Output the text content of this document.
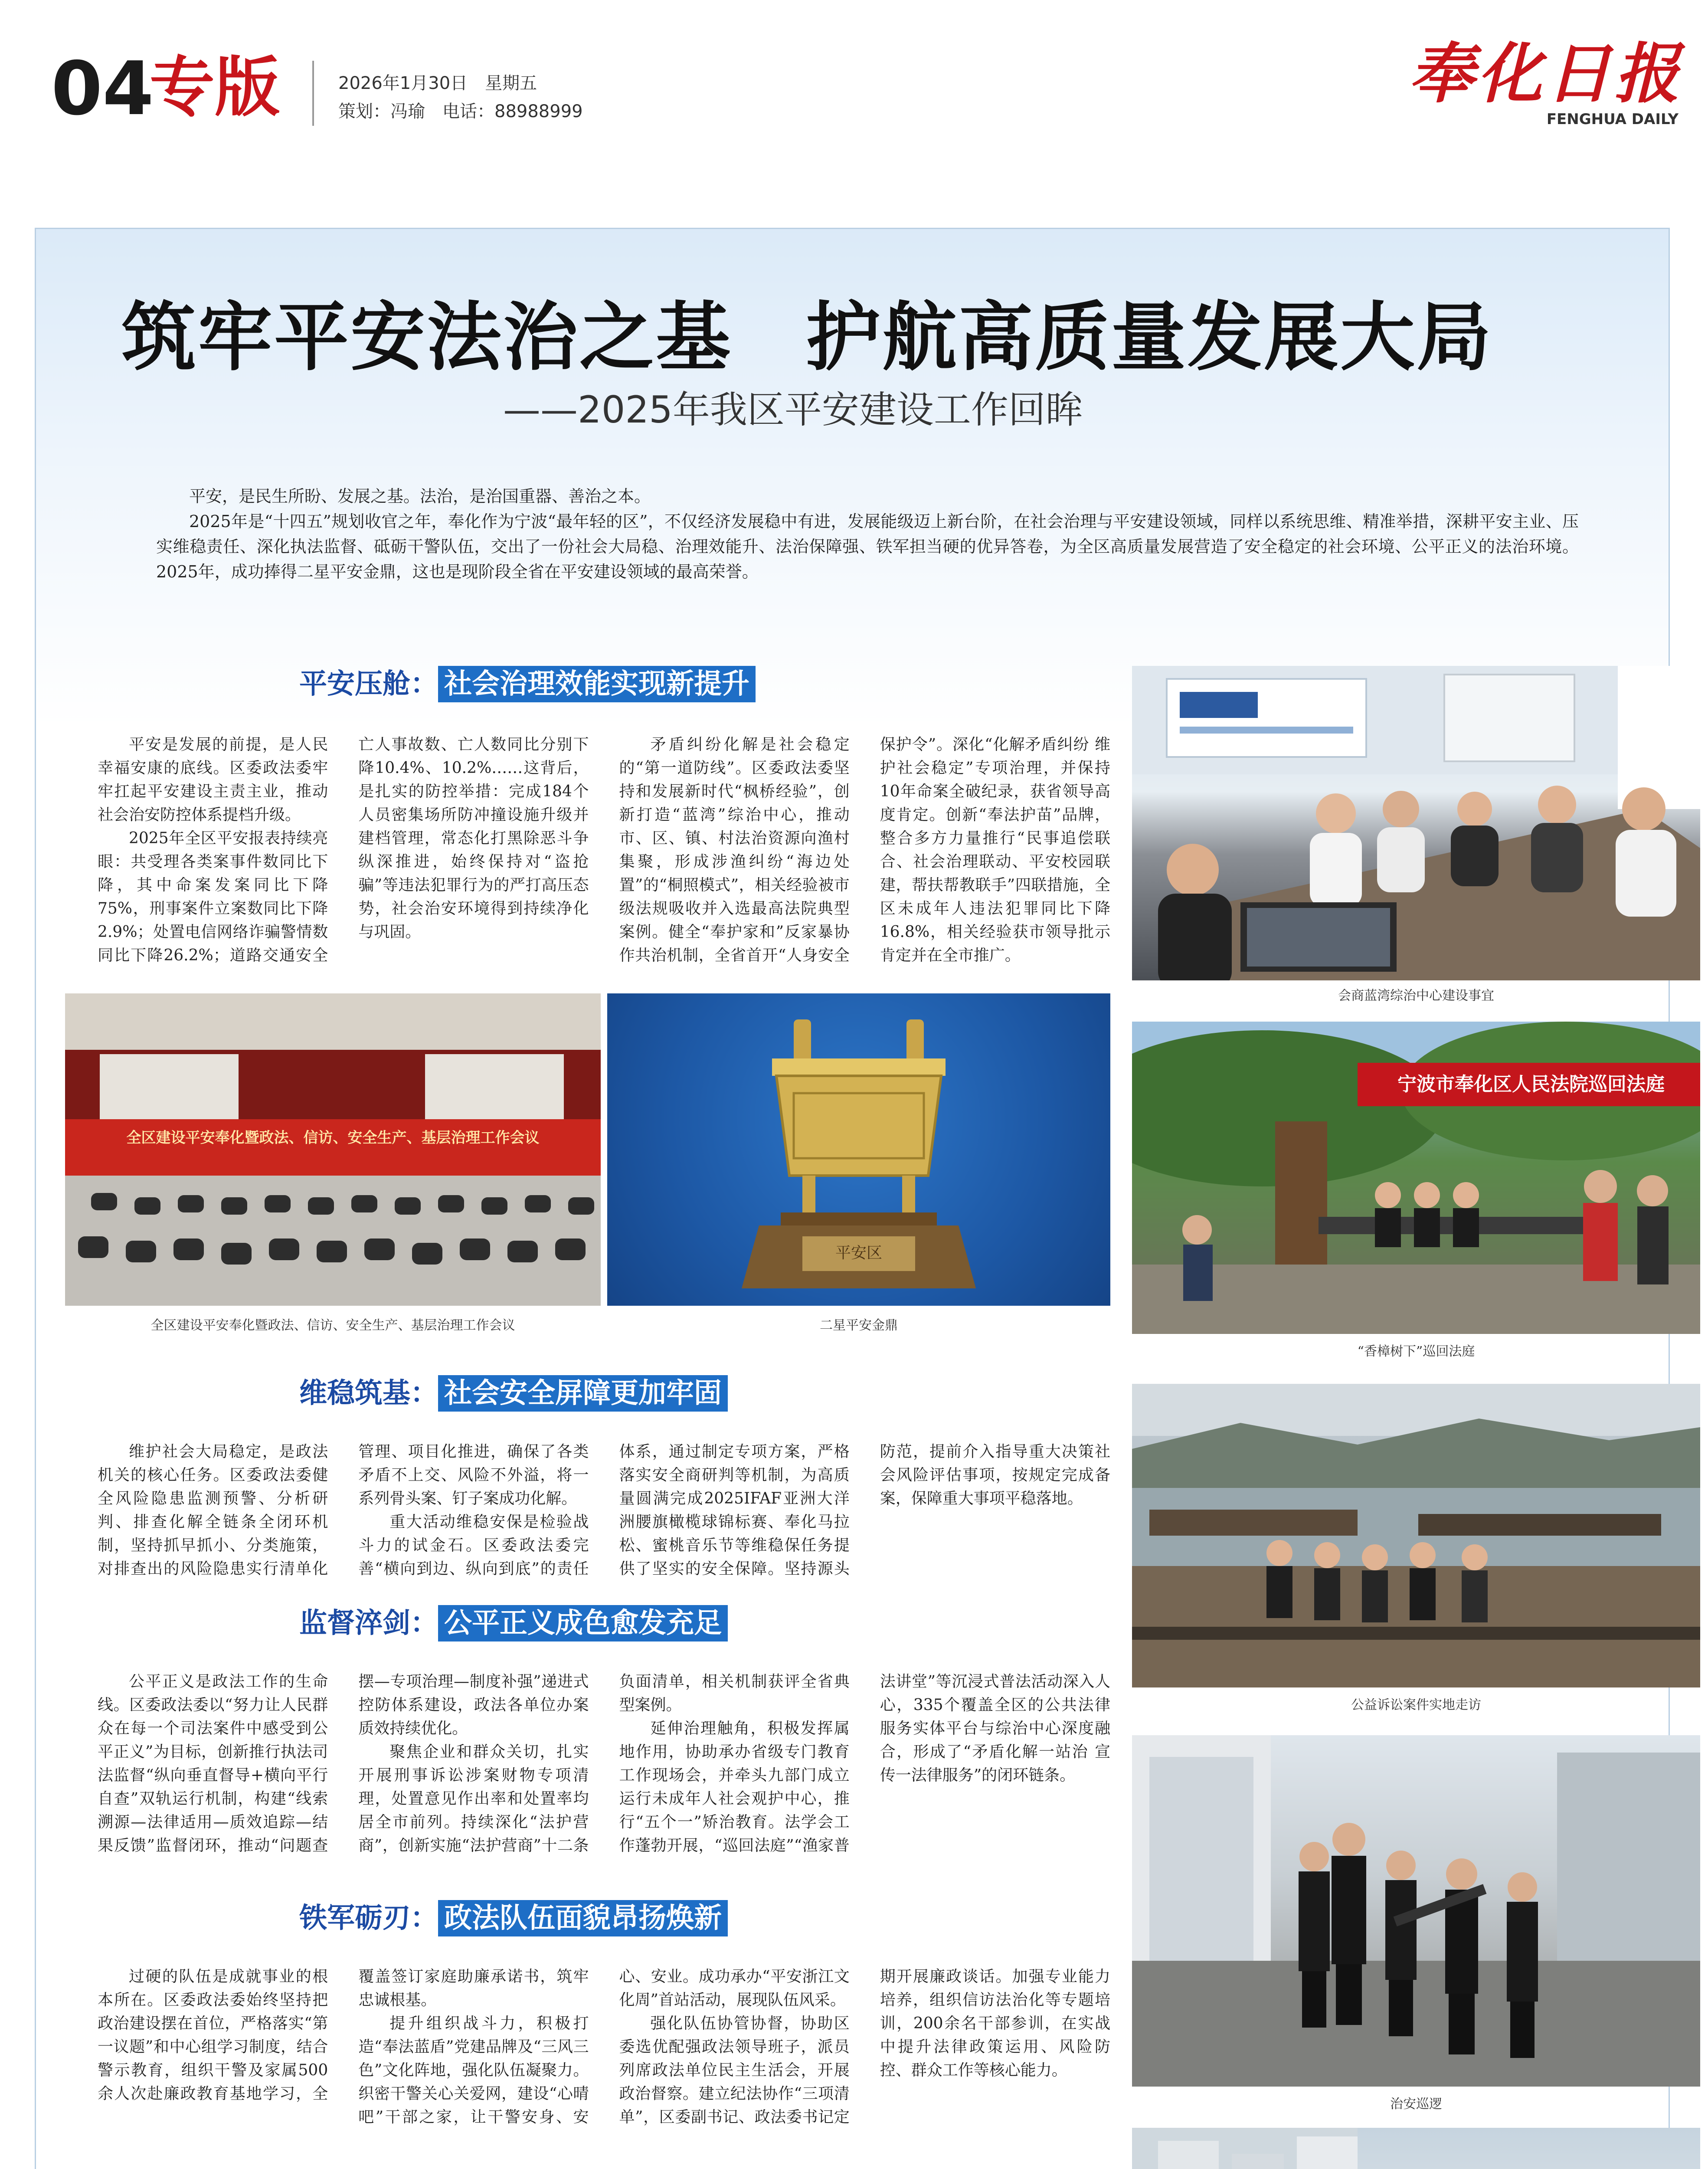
04
专版	2026年1月30日　星期五
策划：冯瑜　电话：88988999	奉化日报
FENGHUA DAILY
筑牢平安法治之基 护航高质量发展大局
——2025年我区平安建设工作回眸

平安，是民生所盼、发展之基。法治，是治国重器、善治之本。

2025年是“十四五”规划收官之年，奉化作为宁波“最年轻的区”，不仅经济发展稳中有进，发展能级迈上新台阶，在社会治理与平安建设领域，同样以系统思维、精准举措，深耕平安主业、压实维稳责任、深化执法监督、砥砺干警队伍，交出了一份社会大局稳、治理效能升、法治保障强、铁军担当硬的优异答卷，为全区高质量发展营造了安全稳定的社会环境、公平正义的法治环境。2025年，成功捧得二星平安金鼎，这也是现阶段全省在平安建设领域的最高荣誉。

平安压舱： 社会治理效能实现新提升

平安是发展的前提，是人民幸福安康的底线。区委政法委牢牢扛起平安建设主责主业，推动社会治安防控体系提档升级。

2025年全区平安报表持续亮眼：共受理各类案事件数同比下降，其中命案发案同比下降75%，刑事案件立案数同比下降2.9%；处置电信网络诈骗警情数同比下降26.2%；道路交通安全亡人事故数、亡人数同比分别下降10.4%、10.2%……这背后，是扎实的防控举措：完成184个人员密集场所防冲撞设施升级并建档管理，常态化打黑除恶斗争纵深推进，始终保持对“盗抢骗”等违法犯罪行为的严打高压态势，社会治安环境得到持续净化与巩固。

矛盾纠纷化解是社会稳定的“第一道防线”。区委政法委坚持和发展新时代“枫桥经验”，创新打造“蓝湾”综治中心，推动市、区、镇、村法治资源向渔村集聚，形成涉渔纠纷“海边处置”的“桐照模式”，相关经验被市级法规吸收并入选最高法院典型案例。健全“奉护家和”反家暴协作共治机制，全省首开“人身安全保护令”。深化“化解矛盾纠纷 维护社会稳定”专项治理，并保持10年命案全破纪录，获省领导高度肯定。创新“奉法护苗”品牌，整合多方力量推行“民事追偿联合、社会治理联动、平安校园联建，帮扶帮教联手”四联措施，全区未成年人违法犯罪同比下降16.8%，相关经验获市领导批示肯定并在全市推广。

会商蓝湾综治中心建设事宜
全区建设平安奉化暨政法、信访、安全生产、基层治理工作会议
全区建设平安奉化暨政法、信访、安全生产、基层治理工作会议
平安区
二星平安金鼎
宁波市奉化区人民法院巡回法庭
“香樟树下”巡回法庭
维稳筑基： 社会安全屏障更加牢固

维护社会大局稳定，是政法机关的核心任务。区委政法委健全风险隐患监测预警、分析研判、排查化解全链条全闭环机制，坚持抓早抓小、分类施策，对排查出的风险隐患实行清单化管理、项目化推进，确保了各类矛盾不上交、风险不外溢，将一系列骨头案、钉子案成功化解。

重大活动维稳安保是检验战斗力的试金石。区委政法委完善“横向到边、纵向到底”的责任体系，通过制定专项方案，严格落实安全商研判等机制，为高质量圆满完成2025IFAF亚洲大洋洲腰旗橄榄球锦标赛、奉化马拉松、蜜桃音乐节等维稳保任务提供了坚实的安全保障。坚持源头防范，提前介入指导重大决策社会风险评估事项，按规定完成备案，保障重大事项平稳落地。

公益诉讼案件实地走访
监督淬剑： 公平正义成色愈发充足

公平正义是政法工作的生命线。区委政法委以“努力让人民群众在每一个司法案件中感受到公平正义”为目标，创新推行执法司法监督“纵向垂直督导+横向平行自查”双轨运行机制，构建“线索溯源—法律适用—质效追踪—结果反馈”监督闭环，推动“问题查摆—专项治理—制度补强”递进式控防体系建设，政法各单位办案质效持续优化。

聚焦企业和群众关切，扎实开展刑事诉讼涉案财物专项清理，处置意见作出率和处置率均居全市前列。持续深化“法护营商”，创新实施“法护营商”十二条负面清单，相关机制获评全省典型案例。

延伸治理触角，积极发挥属地作用，协助承办省级专门教育工作现场会，并牵头九部门成立运行未成年人社会观护中心，推行“五个一”矫治教育。法学会工作蓬勃开展，“巡回法庭”“渔家普法讲堂”等沉浸式普法活动深入人心，335个覆盖全区的公共法律服务实体平台与综治中心深度融合，形成了“矛盾化解一站治 宣传一法律服务”的闭环链条。

治安巡逻
铁军砺刃： 政法队伍面貌昂扬焕新

过硬的队伍是成就事业的根本所在。区委政法委始终坚持把政治建设摆在首位，严格落实“第一议题”和中心组学习制度，结合警示教育，组织干警及家属500余人次赴廉政教育基地学习，全覆盖签订家庭助廉承诺书，筑牢忠诚根基。

提升组织战斗力，积极打造“奉法蓝盾”党建品牌及“三风三色”文化阵地，强化队伍凝聚力。织密干警关心关爱网，建设“心晴吧”干部之家，让干警安身、安心、安业。成功承办“平安浙江文化周”首站活动，展现队伍风采。

强化队伍协管协督，协助区委选优配强政法领导班子，派员列席政法单位民主生活会，开展政治督察。建立纪法协作“三项清单”，区委副书记、政法委书记定期开展廉政谈话。加强专业能力培养，组织信访法治化等专题培训，200余名干部参训，在实战中提升法律政策运用、风险防控、群众工作等核心能力。
